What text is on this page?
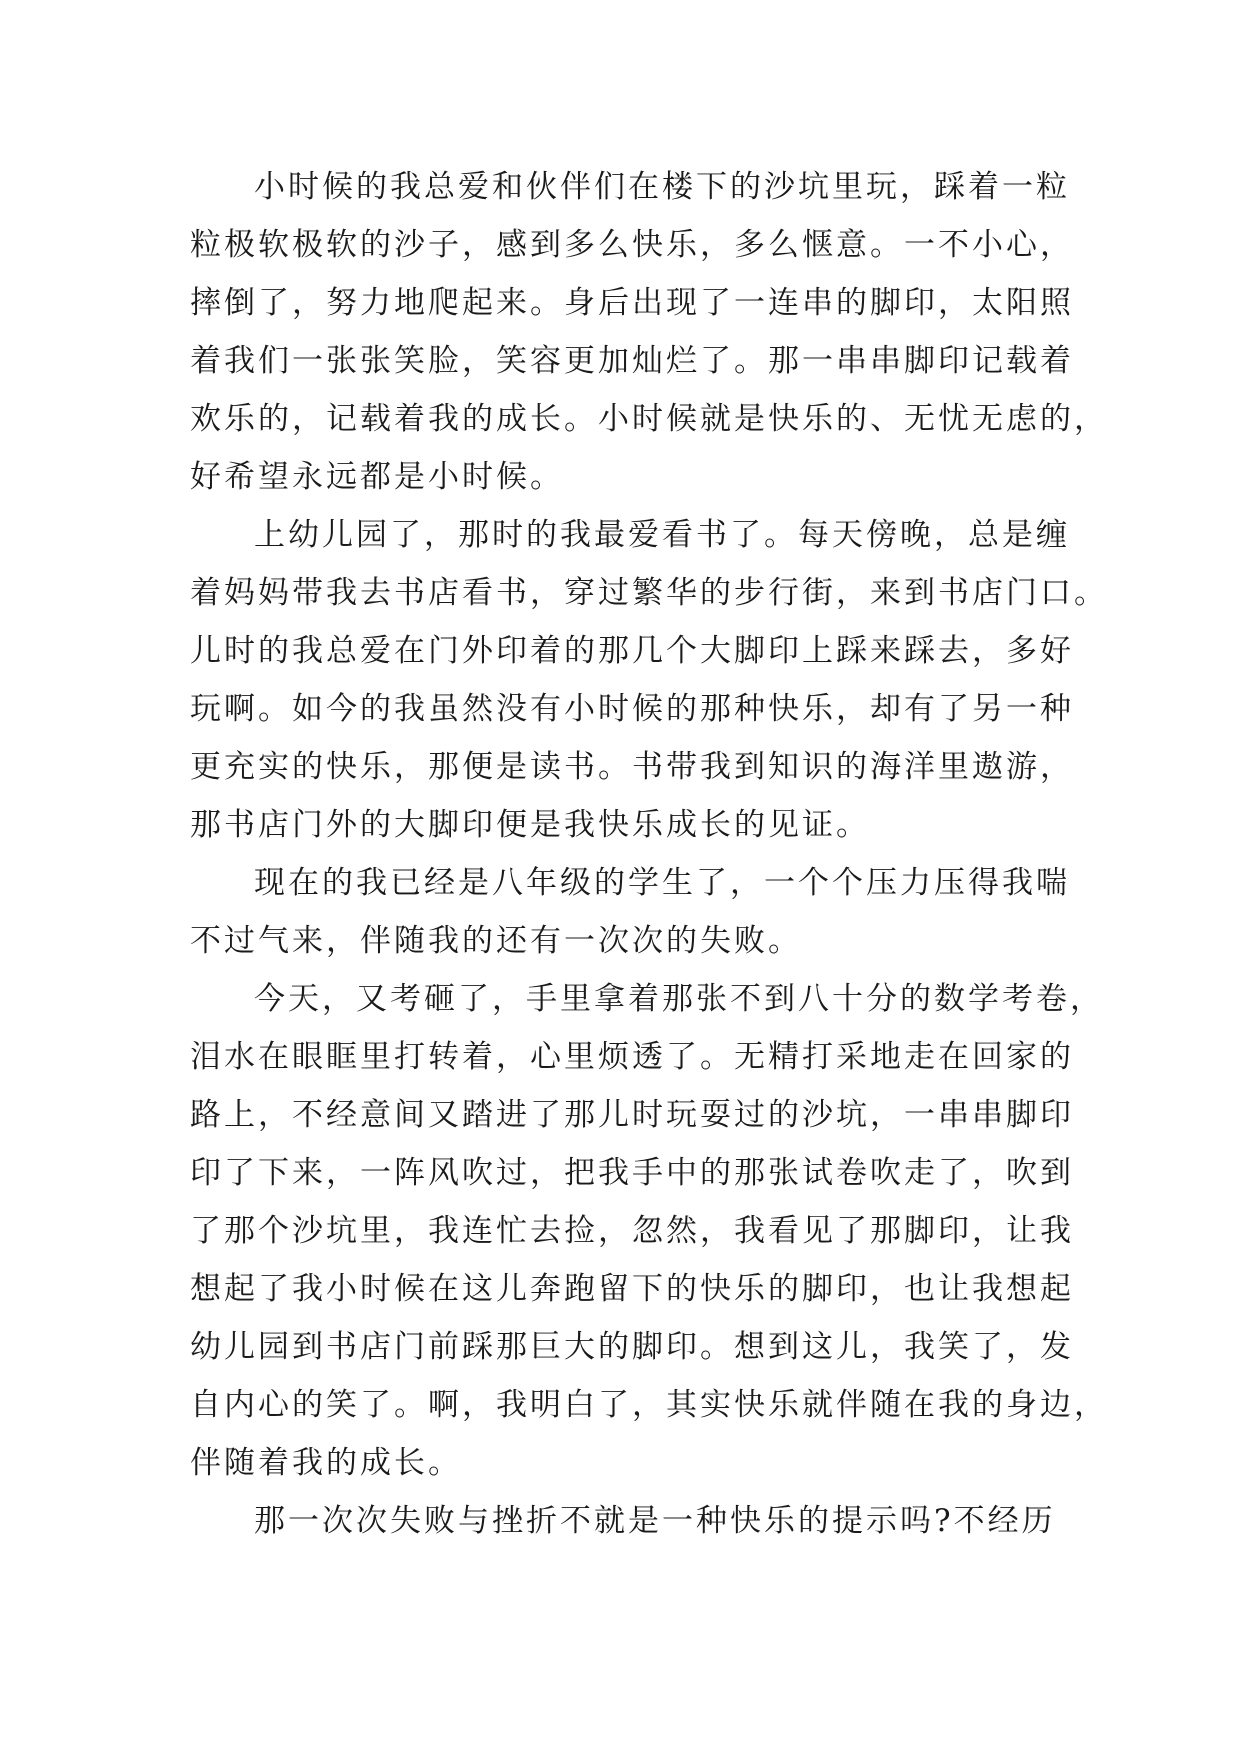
小时候的我总爱和伙伴们在楼下的沙坑里玩，踩着一粒
粒极软极软的沙子，感到多么快乐，多么惬意。一不小心，
摔倒了，努力地爬起来。身后出现了一连串的脚印，太阳照
着我们一张张笑脸，笑容更加灿烂了。那一串串脚印记载着
欢乐的，记载着我的成长。小时候就是快乐的、无忧无虑的，
好希望永远都是小时候。
上幼儿园了，那时的我最爱看书了。每天傍晚，总是缠
着妈妈带我去书店看书，穿过繁华的步行街，来到书店门口。
儿时的我总爱在门外印着的那几个大脚印上踩来踩去，多好
玩啊。如今的我虽然没有小时候的那种快乐，却有了另一种
更充实的快乐，那便是读书。书带我到知识的海洋里遨游，
那书店门外的大脚印便是我快乐成长的见证。
现在的我已经是八年级的学生了，一个个压力压得我喘
不过气来，伴随我的还有一次次的失败。
今天，又考砸了，手里拿着那张不到八十分的数学考卷，
泪水在眼眶里打转着，心里烦透了。无精打采地走在回家的
路上，不经意间又踏进了那儿时玩耍过的沙坑，一串串脚印
印了下来，一阵风吹过，把我手中的那张试卷吹走了，吹到
了那个沙坑里，我连忙去捡，忽然，我看见了那脚印，让我
想起了我小时候在这儿奔跑留下的快乐的脚印，也让我想起
幼儿园到书店门前踩那巨大的脚印。想到这儿，我笑了，发
自内心的笑了。啊，我明白了，其实快乐就伴随在我的身边，
伴随着我的成长。
那一次次失败与挫折不就是一种快乐的提示吗?不经历
